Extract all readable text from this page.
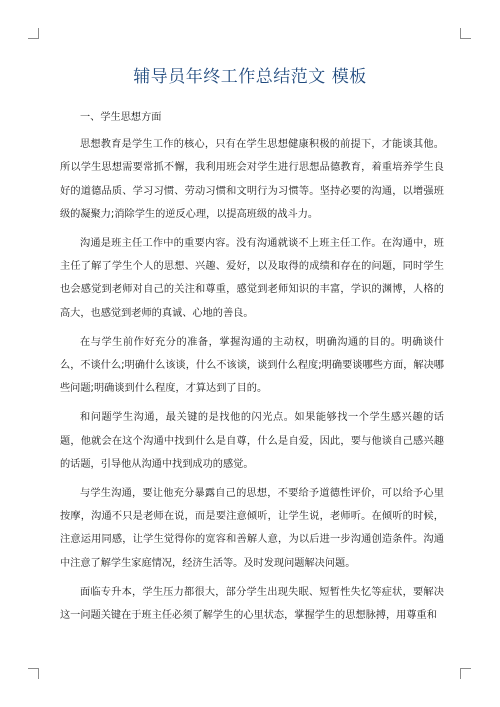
辅导员年终工作总结范文 模板

一、学生思想方面

思想教育是学生工作的核心，只有在学生思想健康积极的前提下，才能谈其他。所以学生思想需要常抓不懈，我利用班会对学生进行思想品德教育，着重培养学生良好的道德品质、学习习惯、劳动习惯和文明行为习惯等。坚持必要的沟通，以增强班级的凝聚力;消除学生的逆反心理，以提高班级的战斗力。

沟通是班主任工作中的重要内容。没有沟通就谈不上班主任工作。在沟通中，班主任了解了学生个人的思想、兴趣、爱好，以及取得的成绩和存在的问题，同时学生也会感觉到老师对自己的关注和尊重，感觉到老师知识的丰富，学识的渊博，人格的高大，也感觉到老师的真诚、心地的善良。

在与学生前作好充分的准备，掌握沟通的主动权，明确沟通的目的。明确谈什么，不谈什么;明确什么该谈，什么不该谈，谈到什么程度;明确要谈哪些方面，解决哪些问题;明确谈到什么程度，才算达到了目的。

和问题学生沟通，最关键的是找他的闪光点。如果能够找一个学生感兴趣的话题，他就会在这个沟通中找到什么是自尊，什么是自爱，因此，要与他谈自己感兴趣的话题，引导他从沟通中找到成功的感觉。

与学生沟通，要让他充分暴露自己的思想，不要给予道德性评价，可以给予心里按摩，沟通不只是老师在说，而是要注意倾听，让学生说，老师听。在倾听的时候，注意运用同感，让学生觉得你的宽容和善解人意，为以后进一步沟通创造条件。沟通中注意了解学生家庭情况，经济生活等。及时发现问题解决问题。

面临专升本，学生压力都很大，部分学生出现失眠、短暂性失忆等症状，要解决这一问题关键在于班主任必须了解学生的心里状态，掌握学生的思想脉搏，用尊重和
